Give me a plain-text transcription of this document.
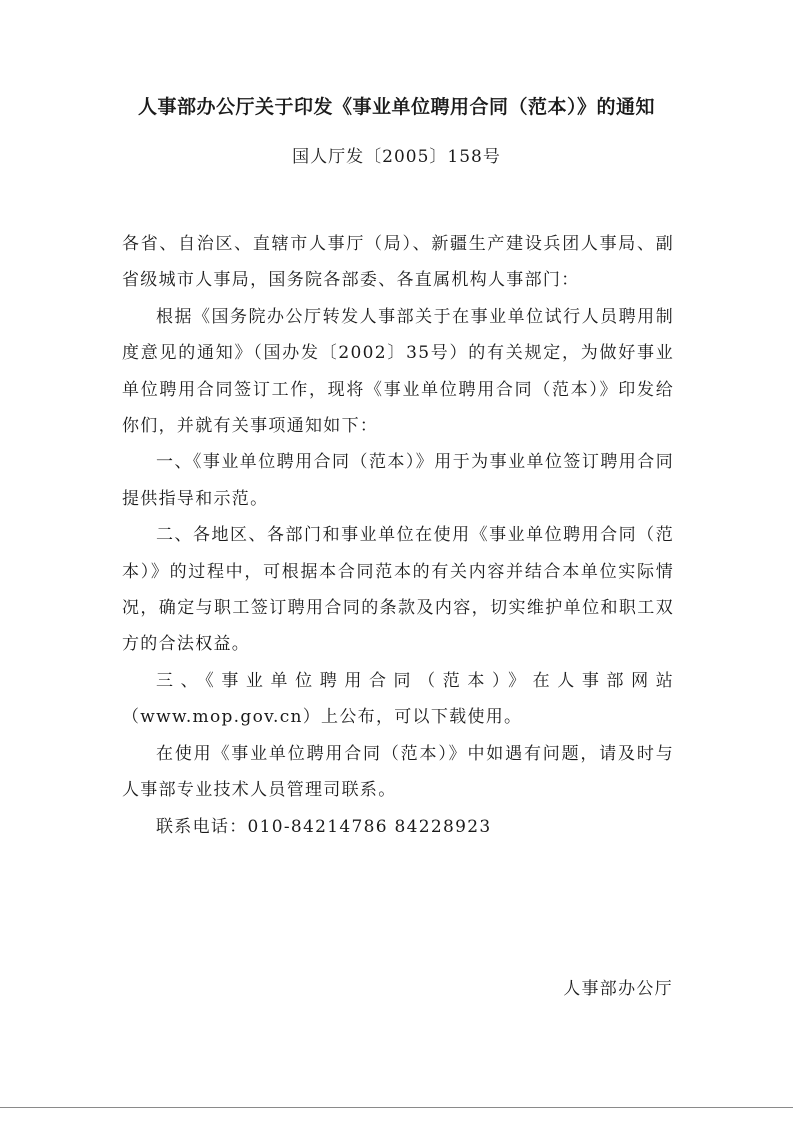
人事部办公厅关于印发《事业单位聘用合同（范本）》的通知
国人厅发〔2005〕158号

各省、自治区、直辖市人事厅（局）、新疆生产建设兵团人事局、副省级城市人事局，国务院各部委、各直属机构人事部门：

根据《国务院办公厅转发人事部关于在事业单位试行人员聘用制度意见的通知》（国办发〔2002〕35号）的有关规定，为做好事业单位聘用合同签订工作，现将《事业单位聘用合同（范本）》印发给你们，并就有关事项通知如下：

一、《事业单位聘用合同（范本）》用于为事业单位签订聘用合同提供指导和示范。

二、各地区、各部门和事业单位在使用《事业单位聘用合同（范本）》的过程中，可根据本合同范本的有关内容并结合本单位实际情况，确定与职工签订聘用合同的条款及内容，切实维护单位和职工双方的合法权益。

三、《事业单位聘用合同（范本）》在人事部网站（www.mop.gov.cn）上公布，可以下载使用。

在使用《事业单位聘用合同（范本）》中如遇有问题，请及时与人事部专业技术人员管理司联系。

联系电话：010-84214786 84228923

人事部办公厅
